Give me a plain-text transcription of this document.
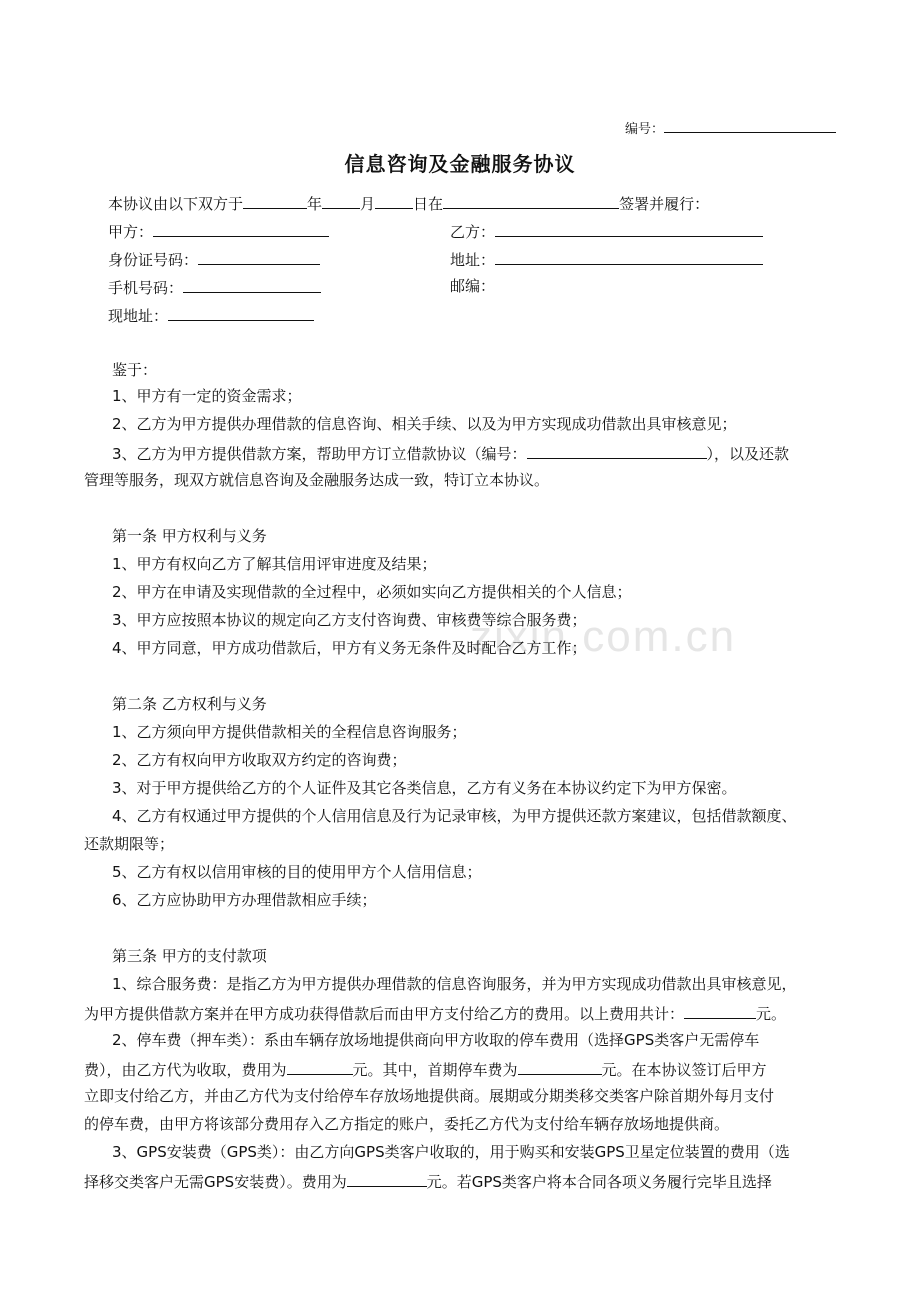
zixin.com.cn
编号：
信息咨询及金融服务协议
本协议由以下双方于	年	月	日在	签署并履行：
甲方：	乙方：
身份证号码：	地址：
手机号码：	邮编：
现地址：
鉴于：
1、甲方有一定的资金需求；
2、乙方为甲方提供办理借款的信息咨询、相关手续、以及为甲方实现成功借款出具审核意见；
3、乙方为甲方提供借款方案，帮助甲方订立借款协议（编号：	），以及还款
管理等服务，现双方就信息咨询及金融服务达成一致，特订立本协议。
第一条 甲方权利与义务
1、甲方有权向乙方了解其信用评审进度及结果；
2、甲方在申请及实现借款的全过程中，必须如实向乙方提供相关的个人信息；
3、甲方应按照本协议的规定向乙方支付咨询费、审核费等综合服务费；
4、甲方同意，甲方成功借款后，甲方有义务无条件及时配合乙方工作；
第二条 乙方权利与义务
1、乙方须向甲方提供借款相关的全程信息咨询服务；
2、乙方有权向甲方收取双方约定的咨询费；
3、对于甲方提供给乙方的个人证件及其它各类信息，乙方有义务在本协议约定下为甲方保密。
4、乙方有权通过甲方提供的个人信用信息及行为记录审核，为甲方提供还款方案建议，包括借款额度、
还款期限等；
5、乙方有权以信用审核的目的使用甲方个人信用信息；
6、乙方应协助甲方办理借款相应手续；
第三条 甲方的支付款项
1、综合服务费：是指乙方为甲方提供办理借款的信息咨询服务，并为甲方实现成功借款出具审核意见，
为甲方提供借款方案并在甲方成功获得借款后而由甲方支付给乙方的费用。以上费用共计：	元。
2、停车费（押车类）：系由车辆存放场地提供商向甲方收取的停车费用（选择GPS类客户无需停车
费），由乙方代为收取，费用为	元。其中，首期停车费为	元。在本协议签订后甲方
立即支付给乙方，并由乙方代为支付给停车存放场地提供商。展期或分期类移交类客户除首期外每月支付
的停车费，由甲方将该部分费用存入乙方指定的账户，委托乙方代为支付给车辆存放场地提供商。
3、GPS安装费（GPS类）：由乙方向GPS类客户收取的，用于购买和安装GPS卫星定位装置的费用（选
择移交类客户无需GPS安装费）。费用为	元。若GPS类客户将本合同各项义务履行完毕且选择
